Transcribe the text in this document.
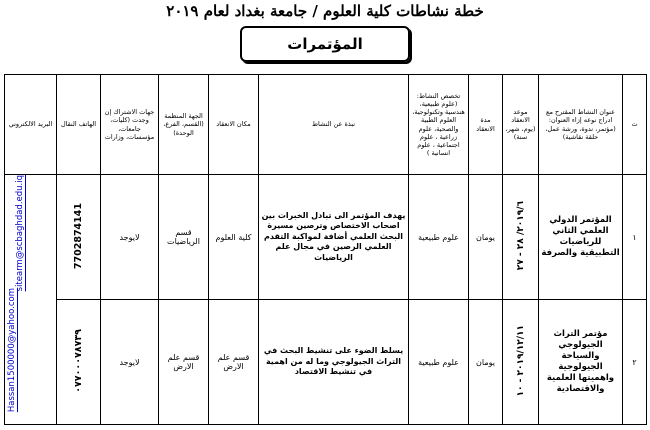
خطة نشاطات كلية العلوم / جامعة بغداد لعام ٢٠١٩
المؤتمرات
ت	عنوان النشاط المقترح مع ادراج نوعه إزاء العنوان: (مؤتمر، ندوة، ورشة عمل، حلقة نقاشية)	موعد الانعقاد (يوم، شهر، سنة)	مدة الانعقاد	تخصص النشاط: (علوم طبيعية، هندسية وتكنولوجية، العلوم الطبية والصحية، علوم زراعية ، علوم اجتماعية ، علوم انسانية )	نبذة عن النشاط	مكان الانعقاد	الجهة المنظمة (القسم، الفرع، الوحدة)	جهات الاشتراك إن وجدت (كليات، جامعات، مؤسسات، وزارات	الهاتف النقال	البريد الالكتروني
١	المؤتمر الدولي العلمي الثاني للرياضيات التطبيقية والصرفة	٢٠١٩/٦/ ٢٨ - ٢٧	يومان	علوم طبيعية	يهدف المؤتمر الى تبادل الخبرات بين اصحاب الاختصاص وترصين مسيرة البحث العلمي أضافة لمواكبة التقدم العلمي الرصين في مجال علم الرياضيات	كلية العلوم	قسم الرياضيات	لايوجد	7702874141	sitearm@scbaghdad.edu.iq

٢	مؤتمر التراث الجيولوجي والسياحة الجيولوجية واهميتها العلمية والاقتصادية	٢٠١٩/١٢/١١ - ١٠	يومان	علوم طبيعية	يسلط الضوء على تنشيط البحث في التراث الجيولوجي وما له من اهمية في تنشيط الاقتصاد	قسم علم الارض	قسم علم الارض	لايوجد	٠٧٧٠٠٠٧٨٧٣٩	
Hassan1500000@yahoo.com
